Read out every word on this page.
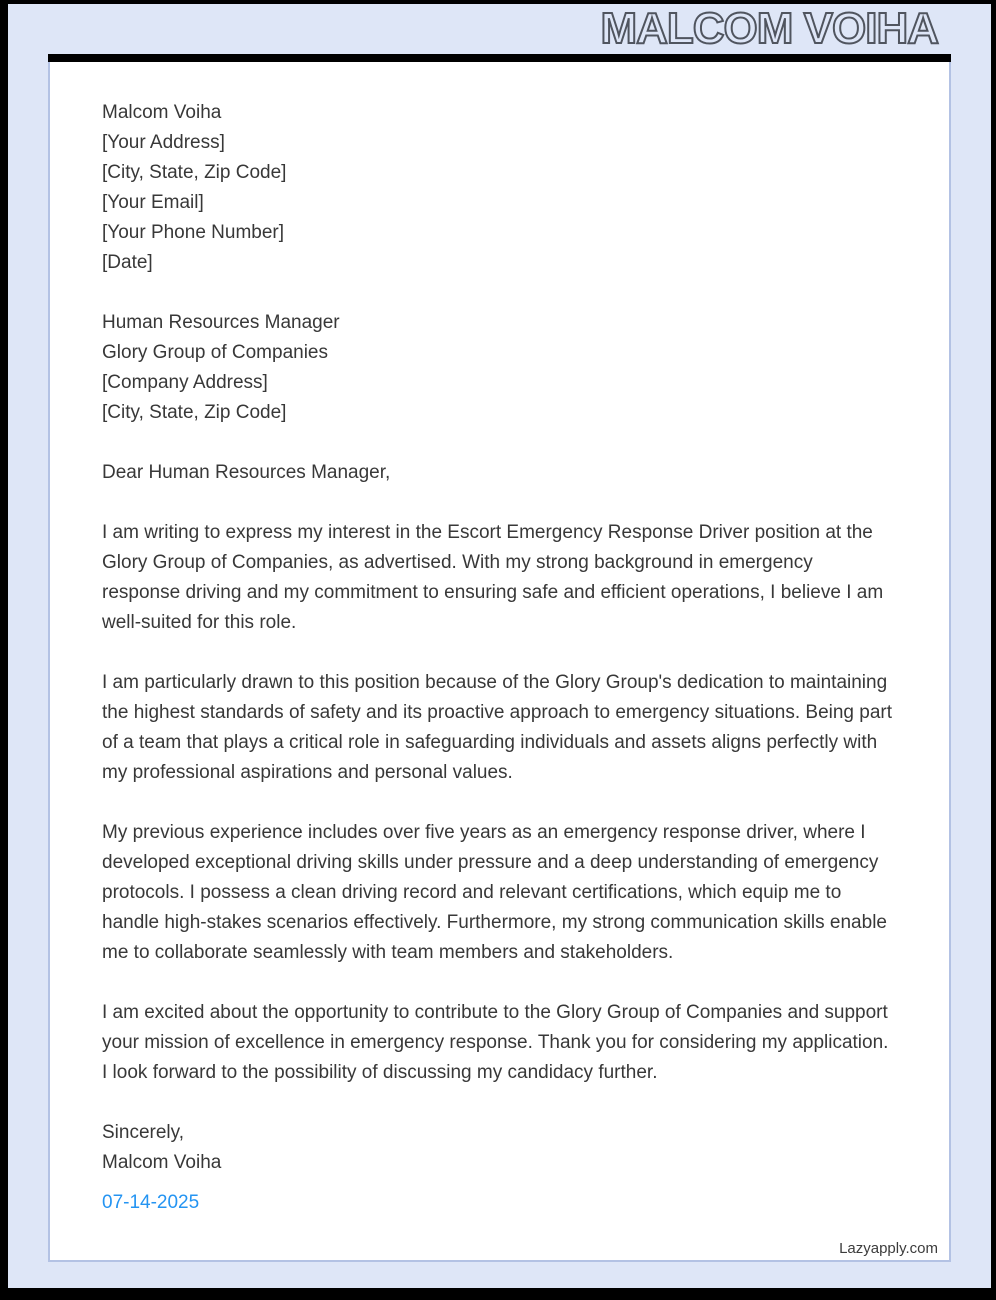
MALCOM VOIHA
Malcom Voiha
[Your Address]
[City, State, Zip Code]
[Your Email]
[Your Phone Number]
[Date]
Human Resources Manager
Glory Group of Companies
[Company Address]
[City, State, Zip Code]
Dear Human Resources Manager,

I am writing to express my interest in the Escort Emergency Response Driver position at the Glory Group of Companies, as advertised. With my strong background in emergency response driving and my commitment to ensuring safe and efficient operations, I believe I am well-suited for this role.

I am particularly drawn to this position because of the Glory Group's dedication to maintaining the highest standards of safety and its proactive approach to emergency situations. Being part of a team that plays a critical role in safeguarding individuals and assets aligns perfectly with my professional aspirations and personal values.

My previous experience includes over five years as an emergency response driver, where I developed exceptional driving skills under pressure and a deep understanding of emergency protocols. I possess a clean driving record and relevant certifications, which equip me to handle high-stakes scenarios effectively. Furthermore, my strong communication skills enable me to collaborate seamlessly with team members and stakeholders.

I am excited about the opportunity to contribute to the Glory Group of Companies and support your mission of excellence in emergency response. Thank you for considering my application. I look forward to the possibility of discussing my candidacy further.

Sincerely,
Malcom Voiha
07-14-2025
Lazyapply.com
